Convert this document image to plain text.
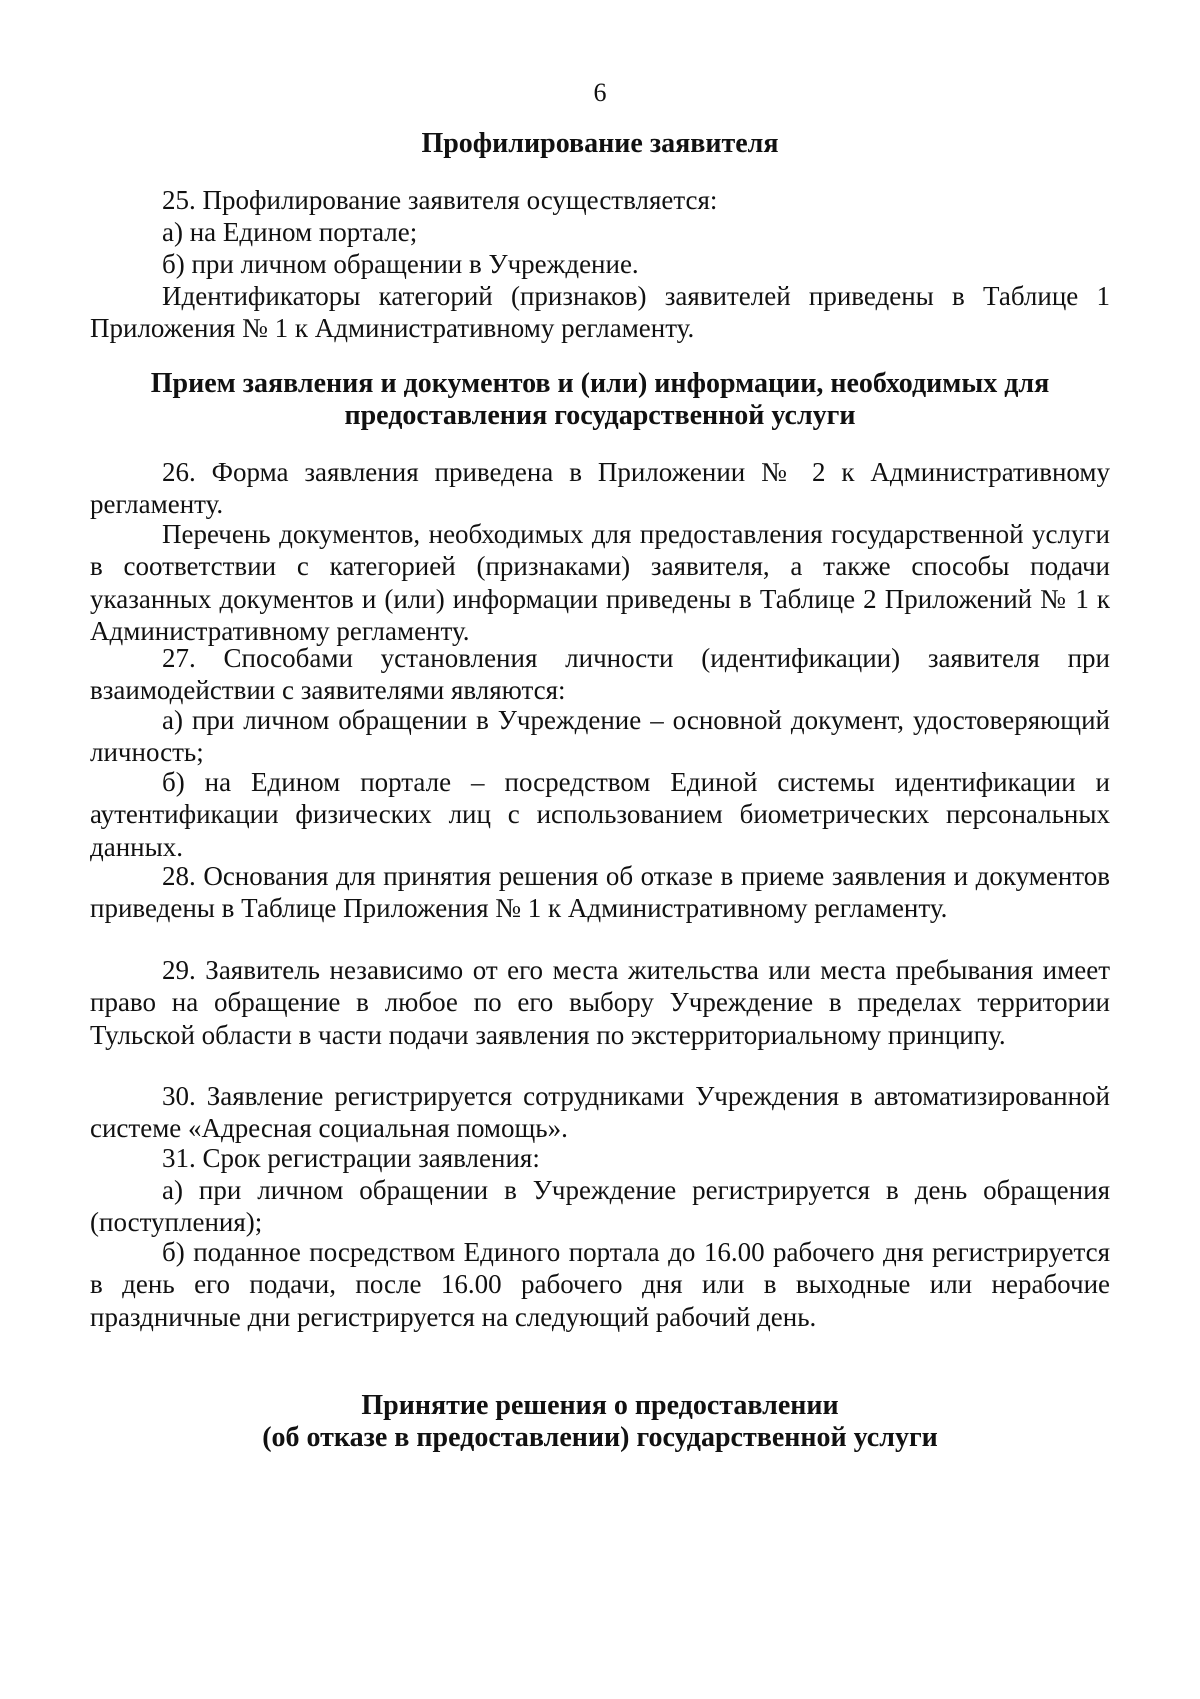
6
Профилирование заявителя

25. Профилирование заявителя осуществляется:

а) на Едином портале;

б) при личном обращении в Учреждение.

Идентификаторы категорий (признаков) заявителей приведены в Таблице 1 Приложения № 1 к Административному регламенту.

Прием заявления и документов и (или) информации, необходимых для
предоставления государственной услуги

26. Форма заявления приведена в Приложении № 2 к Административному регламенту.

Перечень документов, необходимых для предоставления государственной услуги в соответствии с категорией (признаками) заявителя, а также способы подачи указанных документов и (или) информации приведены в Таблице 2 Приложений № 1 к Административному регламенту.

27. Способами установления личности (идентификации) заявителя при взаимодействии с заявителями являются:

а) при личном обращении в Учреждение – основной документ, удостоверяющий личность;

б) на Едином портале – посредством Единой системы идентификации и аутентификации физических лиц с использованием биометрических персональных данных.

28. Основания для принятия решения об отказе в приеме заявления и документов приведены в Таблице Приложения № 1 к Административному регламенту.

29. Заявитель независимо от его места жительства или места пребывания имеет право на обращение в любое по его выбору Учреждение в пределах территории Тульской области в части подачи заявления по экстерриториальному принципу.

30. Заявление регистрируется сотрудниками Учреждения в автоматизированной системе «Адресная социальная помощь».

31. Срок регистрации заявления:

а) при личном обращении в Учреждение регистрируется в день обращения (поступления);

б) поданное посредством Единого портала до 16.00 рабочего дня регистрируется в день его подачи, после 16.00 рабочего дня или в выходные или нерабочие праздничные дни регистрируется на следующий рабочий день.

Принятие решения о предоставлении
(об отказе в предоставлении) государственной услуги
